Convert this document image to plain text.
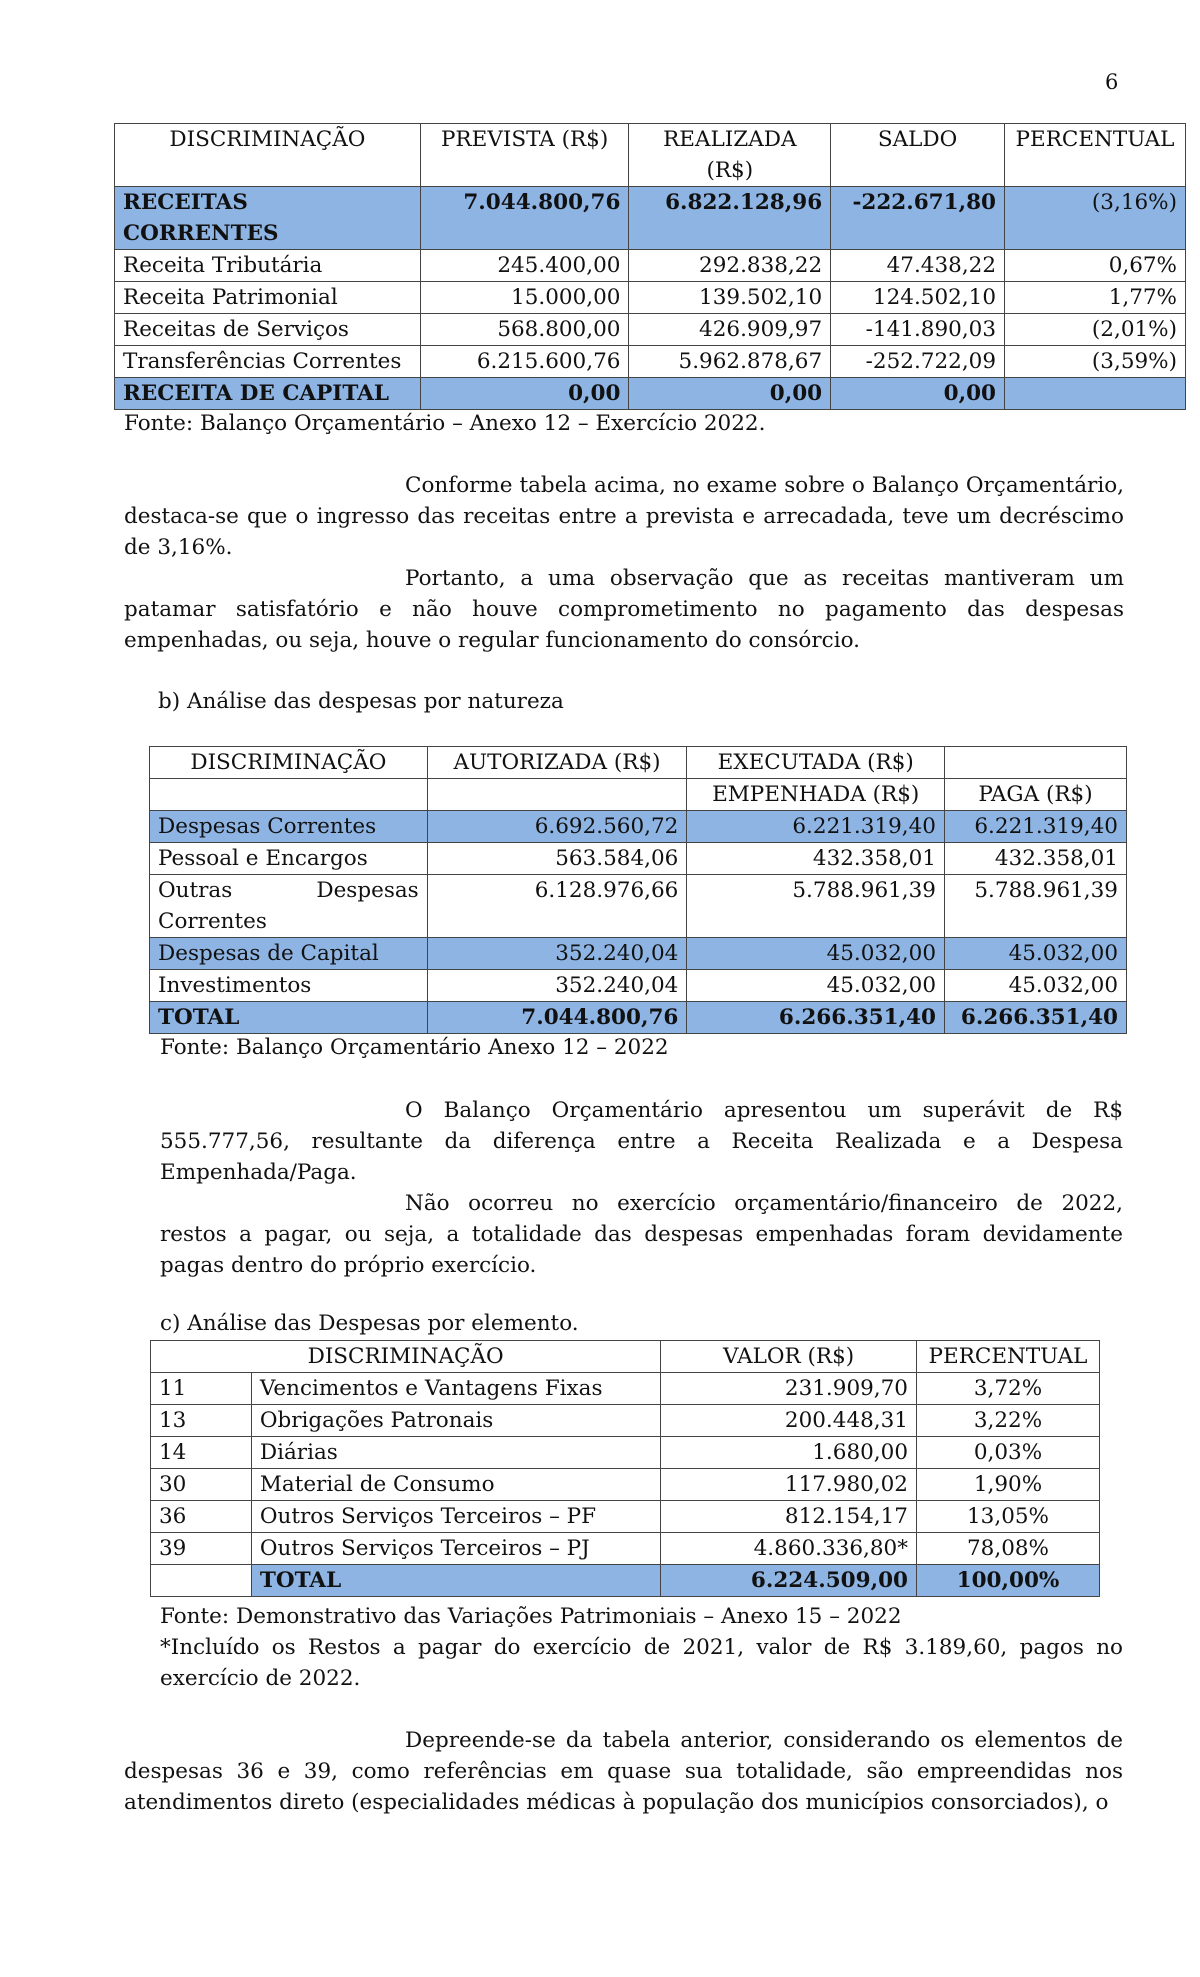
6
DISCRIMINAÇÃO	PREVISTA (R$)	REALIZADA (R$)	SALDO	PERCENTUAL
RECEITAS CORRENTES	7.044.800,76	6.822.128,96	-222.671,80	(3,16%)
Receita Tributária	245.400,00	292.838,22	47.438,22	0,67%
Receita Patrimonial	15.000,00	139.502,10	124.502,10	1,77%
Receitas de Serviços	568.800,00	426.909,97	-141.890,03	(2,01%)
Transferências Correntes	6.215.600,76	5.962.878,67	-252.722,09	(3,59%)
RECEITA DE CAPITAL	0,00	0,00	0,00	
Fonte: Balanço Orçamentário – Anexo 12 – Exercício 2022.
Conforme tabela acima, no exame sobre o Balanço Orçamentário, destaca-se que o ingresso das receitas entre a prevista e arrecadada, teve um decréscimo de 3,16%.
Portanto, a uma observação que as receitas mantiveram um patamar satisfatório e não houve comprometimento no pagamento das despesas empenhadas, ou seja, houve o regular funcionamento do consórcio.
b) Análise das despesas por natureza
DISCRIMINAÇÃO	AUTORIZADA (R$)	EXECUTADA (R$)	
		EMPENHADA (R$)	PAGA (R$)
Despesas Correntes	6.692.560,72	6.221.319,40	6.221.319,40
Pessoal e Encargos	563.584,06	432.358,01	432.358,01
Outras Despesas Correntes	6.128.976,66	5.788.961,39	5.788.961,39
Despesas de Capital	352.240,04	45.032,00	45.032,00
Investimentos	352.240,04	45.032,00	45.032,00
TOTAL	7.044.800,76	6.266.351,40	6.266.351,40
Fonte: Balanço Orçamentário Anexo 12 – 2022
O Balanço Orçamentário apresentou um superávit de R$ 555.777,56, resultante da diferença entre a Receita Realizada e a Despesa Empenhada/Paga.
Não ocorreu no exercício orçamentário/financeiro de 2022, restos a pagar, ou seja, a totalidade das despesas empenhadas foram devidamente pagas dentro do próprio exercício.
c) Análise das Despesas por elemento.
DISCRIMINAÇÃO		VALOR (R$)	PERCENTUAL
11	Vencimentos e Vantagens Fixas	231.909,70	3,72%
13	Obrigações Patronais	200.448,31	3,22%
14	Diárias	1.680,00	0,03%
30	Material de Consumo	117.980,02	1,90%
36	Outros Serviços Terceiros – PF	812.154,17	13,05%
39	Outros Serviços Terceiros – PJ	4.860.336,80*	78,08%
	TOTAL	6.224.509,00	100,00%
Fonte: Demonstrativo das Variações Patrimoniais – Anexo 15 – 2022
*Incluído os Restos a pagar do exercício de 2021, valor de R$ 3.189,60, pagos no exercício de 2022.
Depreende-se da tabela anterior, considerando os elementos de despesas 36 e 39, como referências em quase sua totalidade, são empreendidas nos atendimentos direto (especialidades médicas à população dos municípios consorciados), o
